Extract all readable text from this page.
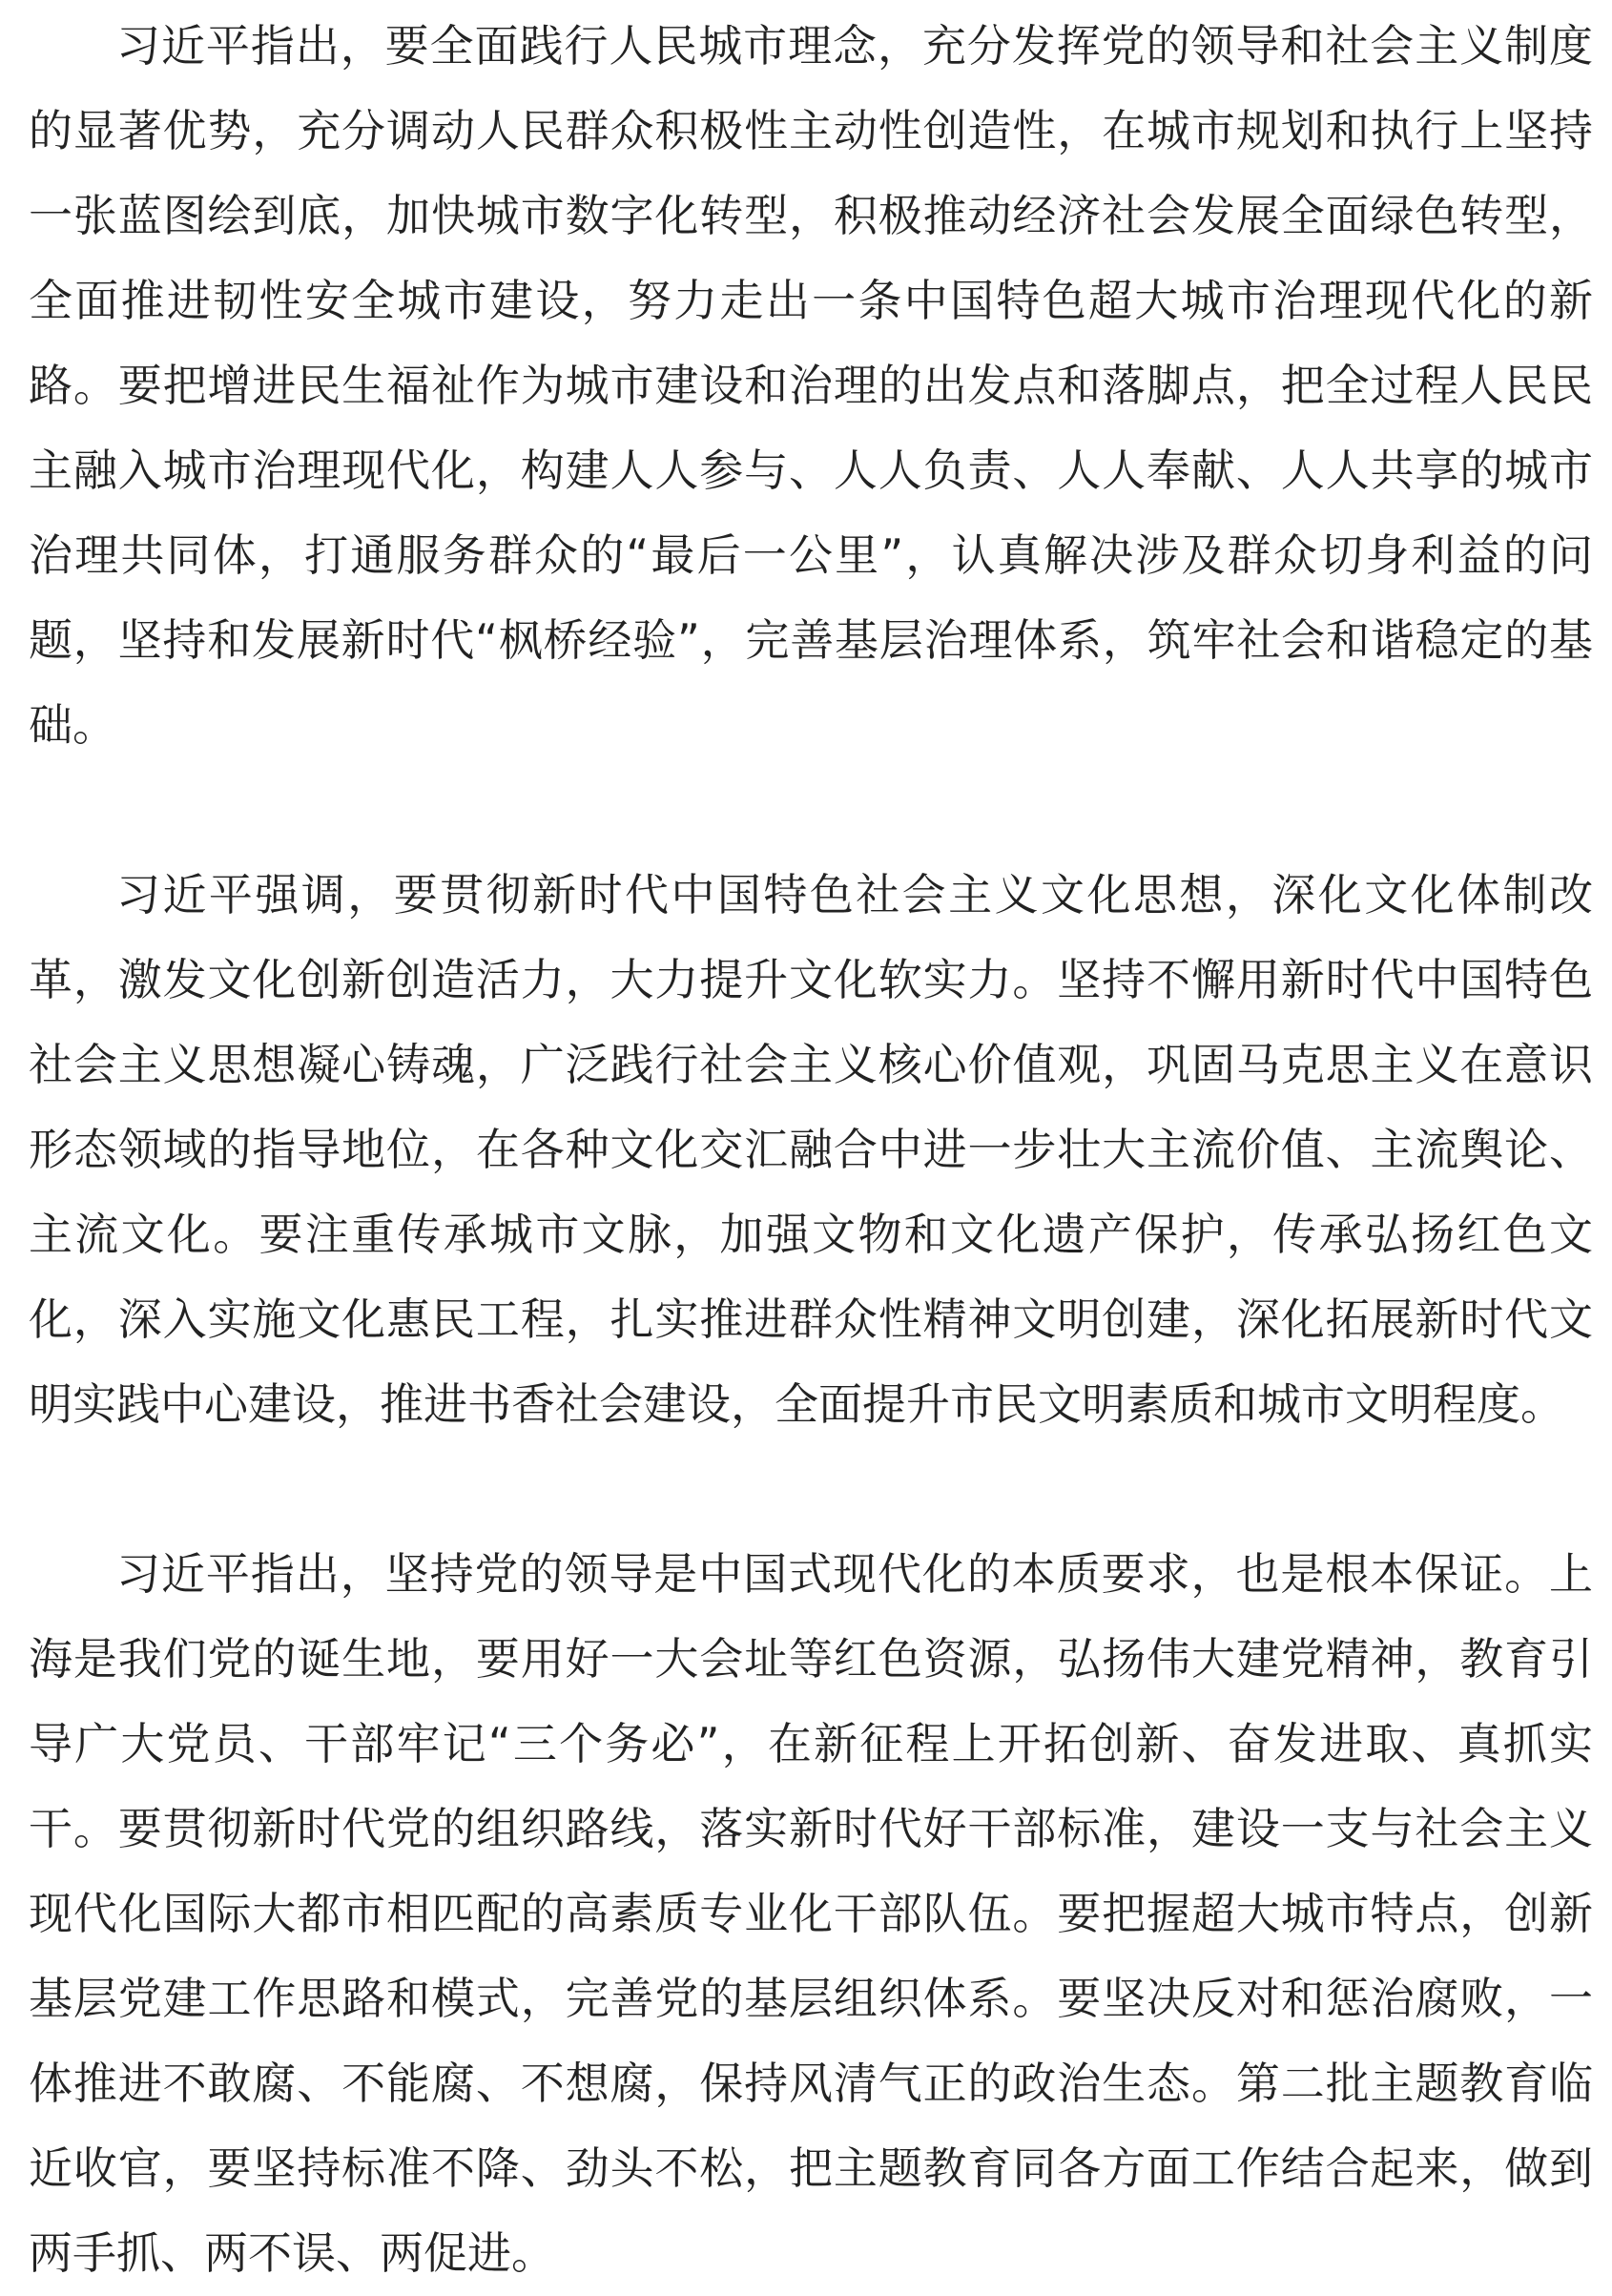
习近平指出，要全面践行人民城市理念，充分发挥党的领导和社会主义制度的显著优势，充分调动人民群众积极性主动性创造性，在城市规划和执行上坚持一张蓝图绘到底，加快城市数字化转型，积极推动经济社会发展全面绿色转型，全面推进韧性安全城市建设，努力走出一条中国特色超大城市治理现代化的新路。要把增进民生福祉作为城市建设和治理的出发点和落脚点，把全过程人民民主融入城市治理现代化，构建人人参与、人人负责、人人奉献、人人共享的城市治理共同体，打通服务群众的“最后一公里”，认真解决涉及群众切身利益的问题，坚持和发展新时代“枫桥经验”，完善基层治理体系，筑牢社会和谐稳定的基础。

习近平强调，要贯彻新时代中国特色社会主义文化思想，深化文化体制改革，激发文化创新创造活力，大力提升文化软实力。坚持不懈用新时代中国特色社会主义思想凝心铸魂，广泛践行社会主义核心价值观，巩固马克思主义在意识形态领域的指导地位，在各种文化交汇融合中进一步壮大主流价值、主流舆论、主流文化。要注重传承城市文脉，加强文物和文化遗产保护，传承弘扬红色文化，深入实施文化惠民工程，扎实推进群众性精神文明创建，深化拓展新时代文明实践中心建设，推进书香社会建设，全面提升市民文明素质和城市文明程度。

习近平指出，坚持党的领导是中国式现代化的本质要求，也是根本保证。上海是我们党的诞生地，要用好一大会址等红色资源，弘扬伟大建党精神，教育引导广大党员、干部牢记“三个务必”，在新征程上开拓创新、奋发进取、真抓实干。要贯彻新时代党的组织路线，落实新时代好干部标准，建设一支与社会主义现代化国际大都市相匹配的高素质专业化干部队伍。要把握超大城市特点，创新基层党建工作思路和模式，完善党的基层组织体系。要坚决反对和惩治腐败，一体推进不敢腐、不能腐、不想腐，保持风清气正的政治生态。第二批主题教育临近收官，要坚持标准不降、劲头不松，把主题教育同各方面工作结合起来，做到两手抓、两不误、两促进。
